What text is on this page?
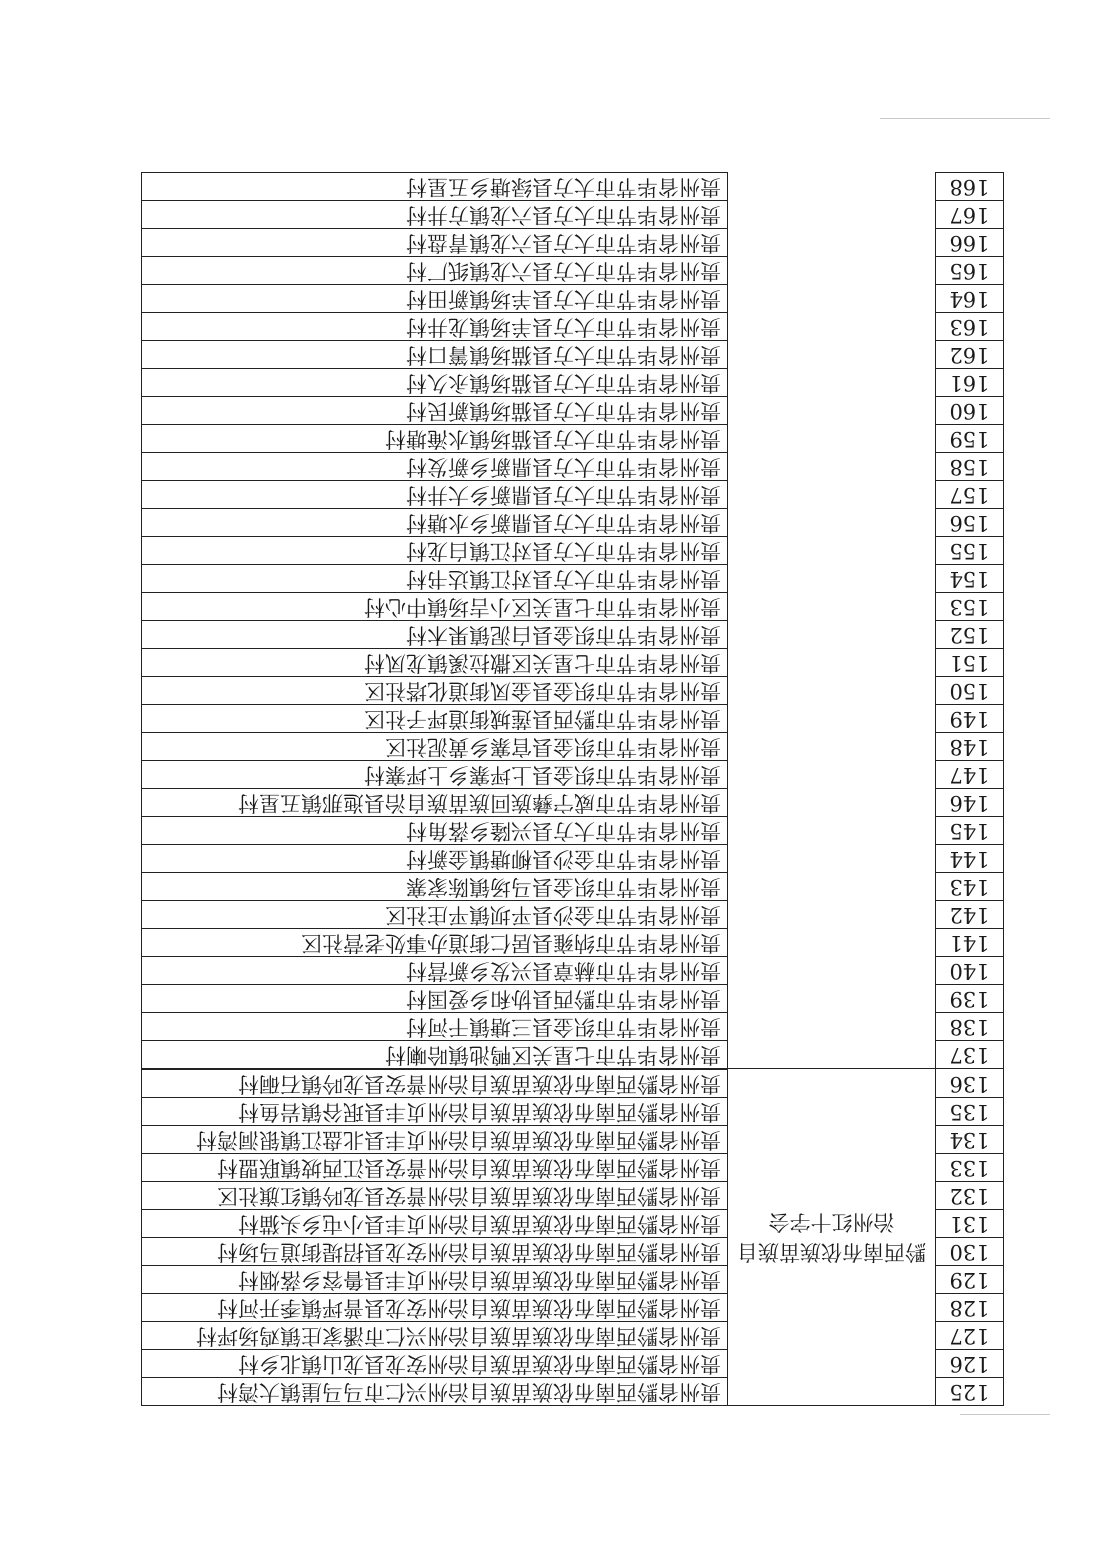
125	黔西南布依族苗族自治州红十字会	贵州省黔西南布依族苗族自治州兴仁市马马崖镇大湾村
126		贵州省黔西南布依族苗族自治州安龙县龙山镇北乡村
127		贵州省黔西南布依族苗族自治州兴仁市潘家庄镇鸡场坪村
128		贵州省黔西南布依族苗族自治州安龙县普坪镇季开河村
129		贵州省黔西南布依族苗族自治州贞丰县鲁容乡落烟村
130		贵州省黔西南布依族苗族自治州安龙县招堤街道马场村
131		贵州省黔西南布依族苗族自治州贞丰县小屯乡头猫村
132		贵州省黔西南布依族苗族自治州普安县龙吟镇红旗社区
133		贵州省黔西南布依族苗族自治州普安县江西坡镇联盟村
134		贵州省黔西南布依族苗族自治州贞丰县北盘江镇银洞湾村
135		贵州省黔西南布依族苗族自治州贞丰县珉谷镇岩鱼村
136		贵州省黔西南布依族苗族自治州普安县龙吟镇石硐村
137		贵州省毕节市七星关区鸭池镇哈喇村
138		贵州省毕节市织金县三塘镇干河村
139		贵州省毕节市黔西县协和乡爱国村
140		贵州省毕节市赫章县兴发乡新营村
141		贵州省毕节市纳雍县居仁街道办事处老营社区
142		贵州省毕节市金沙县平坝镇平庄社区
143		贵州省毕节市织金县马场镇陈家寨
144		贵州省毕节市金沙县柳塘镇金新村
145		贵州省毕节市大方县兴隆乡落角村
146		贵州省毕节市威宁彝族回族苗族自治县迤那镇五星村
147		贵州省毕节市织金县上坪寨乡上坪寨村
148		贵州省毕节市织金县官寨乡黄泥社区
149		贵州省毕节市黔西县莲城街道坪子社区
150		贵州省毕节市织金县金凤街道化塔社区
151		贵州省毕节市七星关区撒拉溪镇龙凤村
152		贵州省毕节市织金县白泥镇果木村
153		贵州省毕节市七星关区小吉场镇中心村
154		贵州省毕节市大方县对江镇达书村
155		贵州省毕节市大方县对江镇白龙村
156		贵州省毕节市大方县鼎新乡水塘村
157		贵州省毕节市大方县鼎新乡大井村
158		贵州省毕节市大方县鼎新乡新发村
159		贵州省毕节市大方县猫场镇水淹塘村
160		贵州省毕节市大方县猫场镇新民村
161		贵州省毕节市大方县猫场镇永久村
162		贵州省毕节市大方县猫场镇箐口村
163		贵州省毕节市大方县羊场镇龙井村
164		贵州省毕节市大方县羊场镇新田村
165		贵州省毕节市大方县六龙镇纸厂村
166		贵州省毕节市大方县六龙镇青盘村
167		贵州省毕节市大方县六龙镇方井村
168		贵州省毕节市大方县绿塘乡五星村
